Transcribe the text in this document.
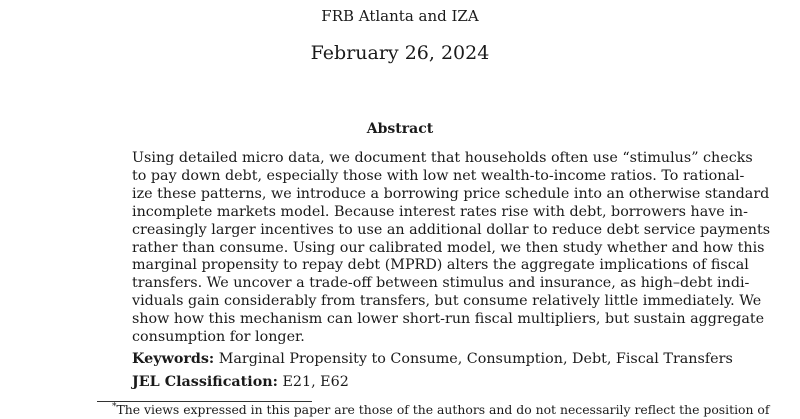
FRB Atlanta and IZA
February 26, 2024
Abstract
Using detailed micro data, we document that households often use “stimulus” checks
to pay down debt, especially those with low net wealth-to-income ratios. To rational-
ize these patterns, we introduce a borrowing price schedule into an otherwise standard
incomplete markets model. Because interest rates rise with debt, borrowers have in-
creasingly larger incentives to use an additional dollar to reduce debt service payments
rather than consume. Using our calibrated model, we then study whether and how this
marginal propensity to repay debt (MPRD) alters the aggregate implications of fiscal
transfers. We uncover a trade-off between stimulus and insurance, as high–debt indi-
viduals gain considerably from transfers, but consume relatively little immediately. We
show how this mechanism can lower short-run fiscal multipliers, but sustain aggregate
consumption for longer.
Keywords: Marginal Propensity to Consume, Consumption, Debt, Fiscal Transfers
JEL Classification: E21, E62
*The views expressed in this paper are those of the authors and do not necessarily reflect the position of
